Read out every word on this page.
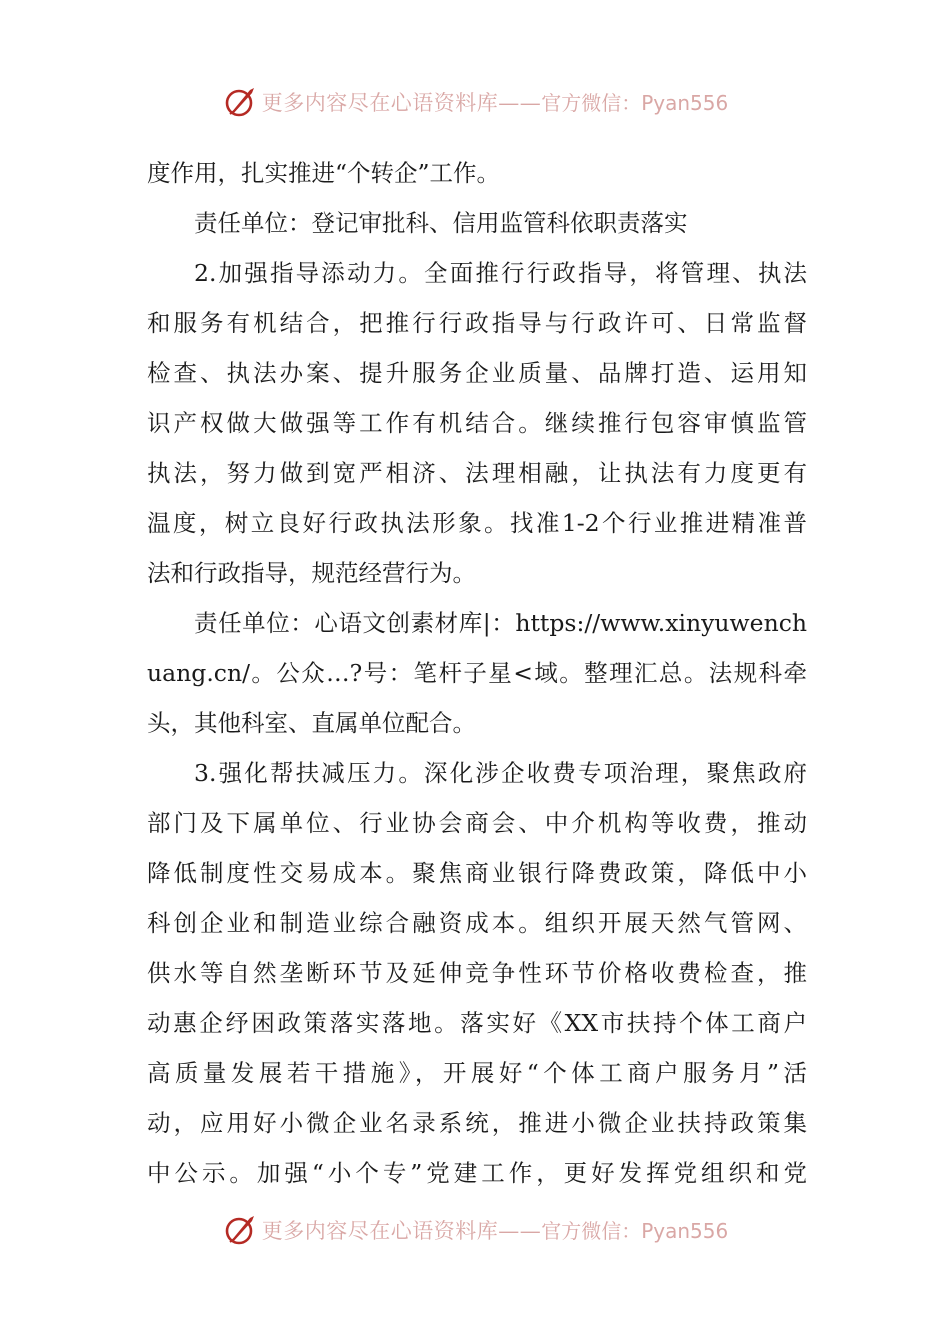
更多内容尽在心语资料库——官方微信：Pyan556
度作用，扎实推进“个转企”工作。
责任单位：登记审批科、信用监管科依职责落实
2.加强指导添动力。全面推行行政指导，将管理、执法
和服务有机结合，把推行行政指导与行政许可、日常监督
检查、执法办案、提升服务企业质量、品牌打造、运用知
识产权做大做强等工作有机结合。继续推行包容审慎监管
执法，努力做到宽严相济、法理相融，让执法有力度更有
温度，树立良好行政执法形象。找准1-2个行业推进精准普
法和行政指导，规范经营行为。
责任单位：心语文创素材库|：https://www.xinyuwench
uang.cn/。公众…?号：笔杆子星<域。整理汇总。法规科牵
头，其他科室、直属单位配合。
3.强化帮扶减压力。深化涉企收费专项治理，聚焦政府
部门及下属单位、行业协会商会、中介机构等收费，推动
降低制度性交易成本。聚焦商业银行降费政策，降低中小
科创企业和制造业综合融资成本。组织开展天然气管网、
供水等自然垄断环节及延伸竞争性环节价格收费检查，推
动惠企纾困政策落实落地。落实好《XX市扶持个体工商户
高质量发展若干措施》，开展好“个体工商户服务月”活
动，应用好小微企业名录系统，推进小微企业扶持政策集
中公示。加强“小个专”党建工作，更好发挥党组织和党
更多内容尽在心语资料库——官方微信：Pyan556
